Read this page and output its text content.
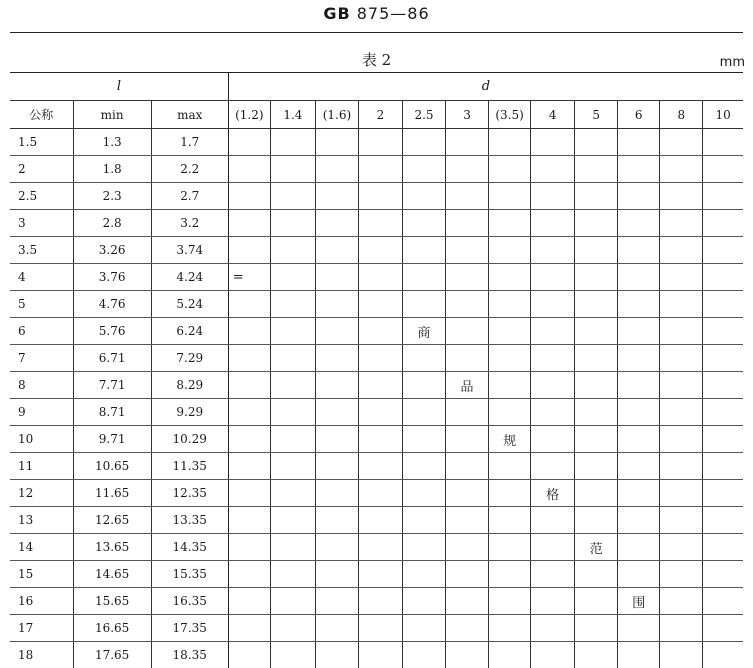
GB 875—86
表 2	mm
l			d											
公称	min	max	(1.2)	1.4	(1.6)	2	2.5	3	(3.5)	4	5	6	8	10
1.5	1.3	1.7												
2	1.8	2.2												
2.5	2.3	2.7												
3	2.8	3.2												
3.5	3.26	3.74												
4	3.76	4.24	=											
5	4.76	5.24												
6	5.76	6.24					商							
7	6.71	7.29												
8	7.71	8.29						品						
9	8.71	9.29												
10	9.71	10.29							规					
11	10.65	11.35												
12	11.65	12.35								格				
13	12.65	13.35												
14	13.65	14.35									范			
15	14.65	15.35												
16	15.65	16.35										围		
17	16.65	17.35												
18	17.65	18.35												
